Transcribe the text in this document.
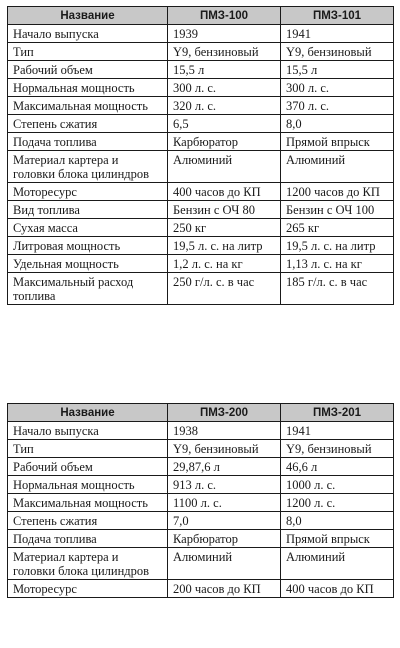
Название	ПМЗ-100	ПМЗ-101
Начало выпуска	1939	1941
Тип	Y9, бензиновый	Y9, бензиновый
Рабочий объем	15,5 л	15,5 л
Нормальная мощность	300 л. с.	300 л. с.
Максимальная мощность	320 л. с.	370 л. с.
Степень сжатия	6,5	8,0
Подача топлива	Карбюратор	Прямой впрыск
Материал картера и головки блока цилиндров	Алюминий	Алюминий
Моторесурс	400 часов до КП	1200 часов до КП
Вид топлива	Бензин с ОЧ 80	Бензин с ОЧ 100
Сухая масса	250 кг	265 кг
Литровая мощность	19,5 л. с. на литр	19,5 л. с. на литр
Удельная мощность	1,2 л. с. на кг	1,13 л. с. на кг
Максимальный расход топлива	250 г/л. с. в час	185 г/л. с. в час
Название	ПМЗ-200	ПМЗ-201
Начало выпуска	1938	1941
Тип	Y9, бензиновый	Y9, бензиновый
Рабочий объем	29,87,6 л	46,6 л
Нормальная мощность	913 л. с.	1000 л. с.
Максимальная мощность	1100 л. с.	1200 л. с.
Степень сжатия	7,0	8,0
Подача топлива	Карбюратор	Прямой впрыск
Материал картера и головки блока цилиндров	Алюминий	Алюминий
Моторесурс	200 часов до КП	400 часов до КП
